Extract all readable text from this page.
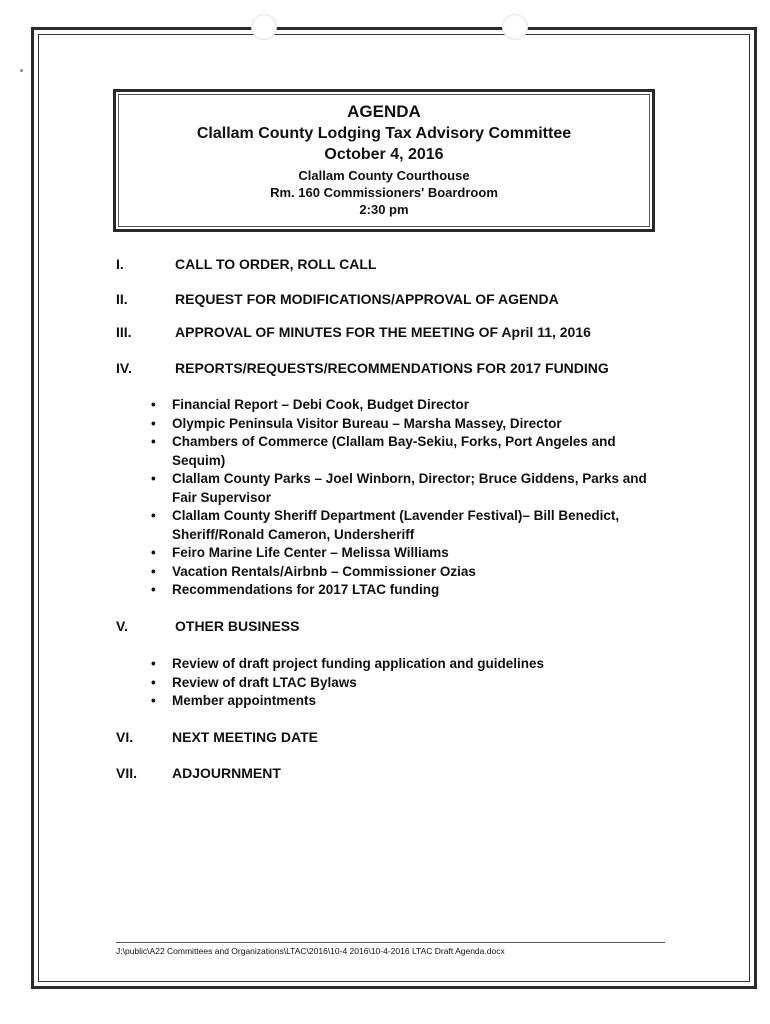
AGENDA
Clallam County Lodging Tax Advisory Committee
October 4, 2016
Clallam County Courthouse
Rm. 160 Commissioners' Boardroom
2:30 pm
I.	CALL TO ORDER, ROLL CALL
II.	REQUEST FOR MODIFICATIONS/APPROVAL OF AGENDA
III.	APPROVAL OF MINUTES FOR THE MEETING OF April 11, 2016
IV.	REPORTS/REQUESTS/RECOMMENDATIONS FOR 2017 FUNDING
• Financial Report – Debi Cook, Budget Director
• Olympic Peninsula Visitor Bureau – Marsha Massey, Director
• Chambers of Commerce (Clallam Bay-Sekiu, Forks, Port Angeles and Sequim)
• Clallam County Parks – Joel Winborn, Director; Bruce Giddens, Parks and Fair Supervisor
• Clallam County Sheriff Department (Lavender Festival)– Bill Benedict, Sheriff/Ronald Cameron, Undersheriff
• Feiro Marine Life Center – Melissa Williams
• Vacation Rentals/Airbnb – Commissioner Ozias
• Recommendations for 2017 LTAC funding
V.	OTHER BUSINESS
• Review of draft project funding application and guidelines
• Review of draft LTAC Bylaws
• Member appointments
VI.	NEXT MEETING DATE
VII. ADJOURNMENT
J:\public\A22 Committees and Organizations\LTAC\2016\10-4 2016\10-4-2016 LTAC Draft Agenda.docx
